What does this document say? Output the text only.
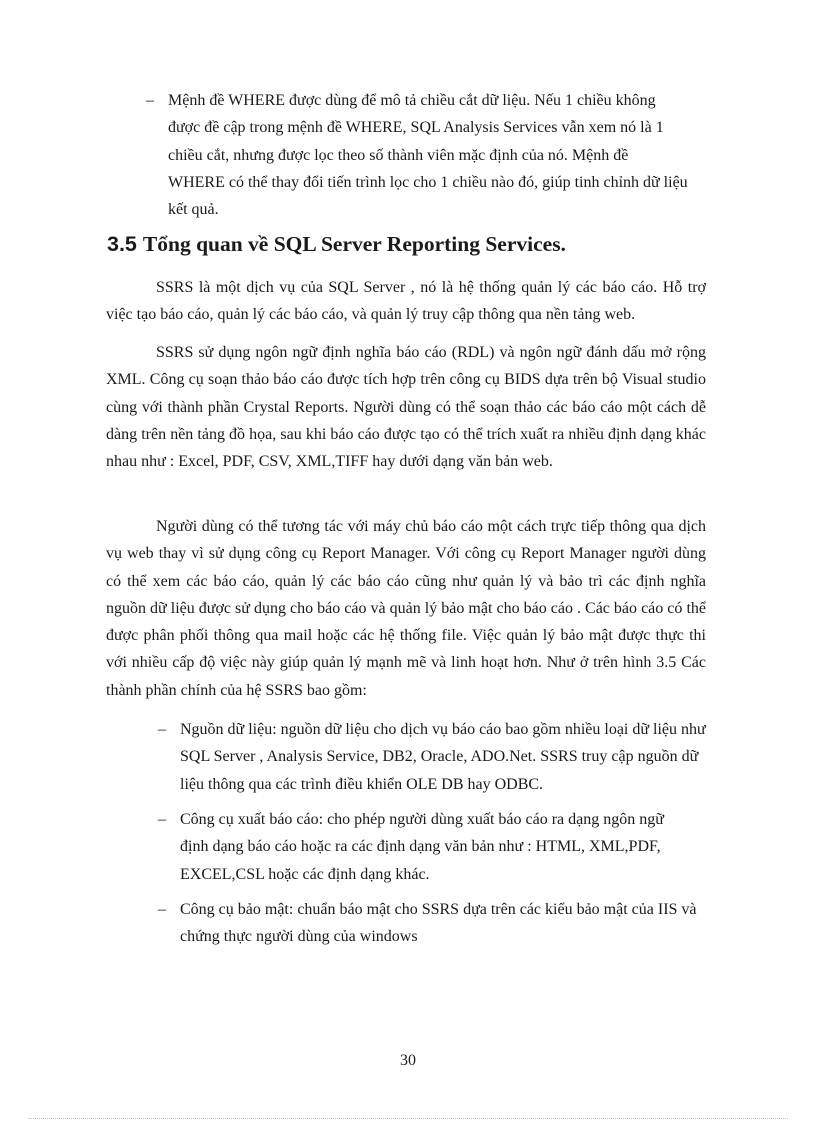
– Mệnh đề WHERE được dùng để mô tả chiều cắt dữ liệu. Nếu 1 chiều không được đề cập trong mệnh đề WHERE, SQL Analysis Services vẫn xem nó là 1 chiều cắt, nhưng được lọc theo số thành viên mặc định của nó. Mệnh đề WHERE có thể thay đổi tiến trình lọc cho 1 chiều nào đó, giúp tinh chỉnh dữ liệu kết quả.
3.5 Tổng quan về SQL Server Reporting Services.

SSRS là một dịch vụ của SQL Server , nó là hệ thống quản lý các báo cáo. Hỗ trợ việc tạo báo cáo, quản lý các báo cáo, và quản lý truy cập thông qua nền tảng web.

SSRS sử dụng ngôn ngữ định nghĩa báo cáo (RDL) và ngôn ngữ đánh dấu mở rộng XML. Công cụ soạn thảo báo cáo được tích hợp trên công cụ BIDS dựa trên bộ Visual studio cùng với thành phần Crystal Reports. Người dùng có thể soạn thảo các báo cáo một cách dễ dàng trên nền tảng đồ họa, sau khi báo cáo được tạo có thể trích xuất ra nhiều định dạng khác nhau như : Excel, PDF, CSV, XML,TIFF hay dưới dạng văn bản web.

Người dùng có thể tương tác với máy chủ báo cáo một cách trực tiếp thông qua dịch vụ web thay vì sử dụng công cụ Report Manager. Với công cụ Report Manager người dùng có thể xem các báo cáo, quản lý các báo cáo cũng như quản lý và bảo trì các định nghĩa nguồn dữ liệu được sử dụng cho báo cáo và quản lý bảo mật cho báo cáo . Các báo cáo có thể được phân phối thông qua mail hoặc các hệ thống file. Việc quản lý bảo mật được thực thi với nhiều cấp độ việc này giúp quản lý mạnh mẽ và linh hoạt hơn. Như ở trên hình 3.5 Các thành phần chính của hệ SSRS bao gồm:

– Nguồn dữ liệu: nguồn dữ liệu cho dịch vụ báo cáo bao gồm nhiều loại dữ liệu như SQL Server , Analysis Service, DB2, Oracle, ADO.Net. SSRS truy cập nguồn dữ liệu thông qua các trình điều khiển OLE DB hay ODBC.
– Công cụ xuất báo cáo: cho phép người dùng xuất báo cáo ra dạng ngôn ngữ định dạng báo cáo hoặc ra các định dạng văn bản như : HTML, XML,PDF, EXCEL,CSL hoặc các định dạng khác.
– Công cụ bảo mật: chuẩn báo mật cho SSRS dựa trên các kiểu bảo mật của IIS và chứng thực người dùng của windows
30
